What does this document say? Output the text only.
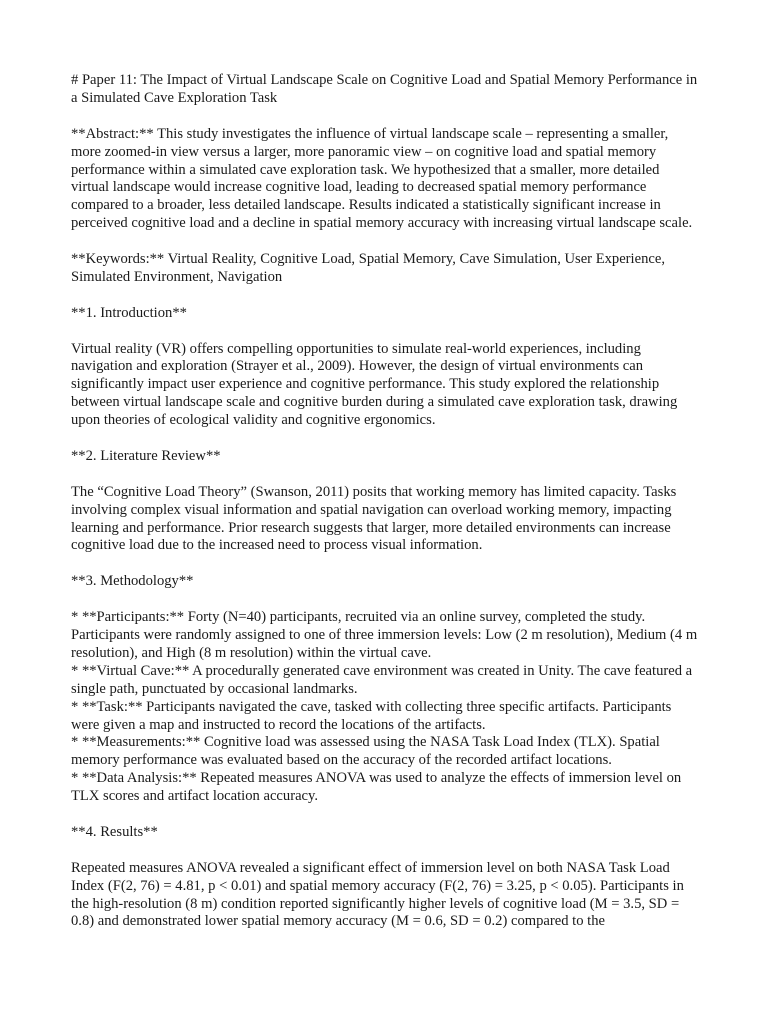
# Paper 11: The Impact of Virtual Landscape Scale on Cognitive Load and Spatial Memory Performance in a Simulated Cave Exploration Task

**Abstract:** This study investigates the influence of virtual landscape scale – representing a smaller, more zoomed-in view versus a larger, more panoramic view – on cognitive load and spatial memory performance within a simulated cave exploration task. We hypothesized that a smaller, more detailed virtual landscape would increase cognitive load, leading to decreased spatial memory performance compared to a broader, less detailed landscape. Results indicated a statistically significant increase in perceived cognitive load and a decline in spatial memory accuracy with increasing virtual landscape scale.

**Keywords:** Virtual Reality, Cognitive Load, Spatial Memory, Cave Simulation, User Experience, Simulated Environment, Navigation

**1. Introduction**

Virtual reality (VR) offers compelling opportunities to simulate real-world experiences, including navigation and exploration (Strayer et al., 2009). However, the design of virtual environments can significantly impact user experience and cognitive performance. This study explored the relationship between virtual landscape scale and cognitive burden during a simulated cave exploration task, drawing upon theories of ecological validity and cognitive ergonomics.

**2. Literature Review**

The “Cognitive Load Theory” (Swanson, 2011) posits that working memory has limited capacity. Tasks involving complex visual information and spatial navigation can overload working memory, impacting learning and performance. Prior research suggests that larger, more detailed environments can increase cognitive load due to the increased need to process visual information.

**3. Methodology**

* **Participants:** Forty (N=40) participants, recruited via an online survey, completed the study. Participants were randomly assigned to one of three immersion levels: Low (2 m resolution), Medium (4 m resolution), and High (8 m resolution) within the virtual cave.

* **Virtual Cave:** A procedurally generated cave environment was created in Unity. The cave featured a single path, punctuated by occasional landmarks.

* **Task:** Participants navigated the cave, tasked with collecting three specific artifacts. Participants were given a map and instructed to record the locations of the artifacts.

* **Measurements:** Cognitive load was assessed using the NASA Task Load Index (TLX). Spatial memory performance was evaluated based on the accuracy of the recorded artifact locations.

* **Data Analysis:** Repeated measures ANOVA was used to analyze the effects of immersion level on TLX scores and artifact location accuracy.

**4. Results**

Repeated measures ANOVA revealed a significant effect of immersion level on both NASA Task Load Index (F(2, 76) = 4.81, p < 0.01) and spatial memory accuracy (F(2, 76) = 3.25, p < 0.05). Participants in the high-resolution (8 m) condition reported significantly higher levels of cognitive load (M = 3.5, SD = 0.8) and demonstrated lower spatial memory accuracy (M = 0.6, SD = 0.2) compared to the
